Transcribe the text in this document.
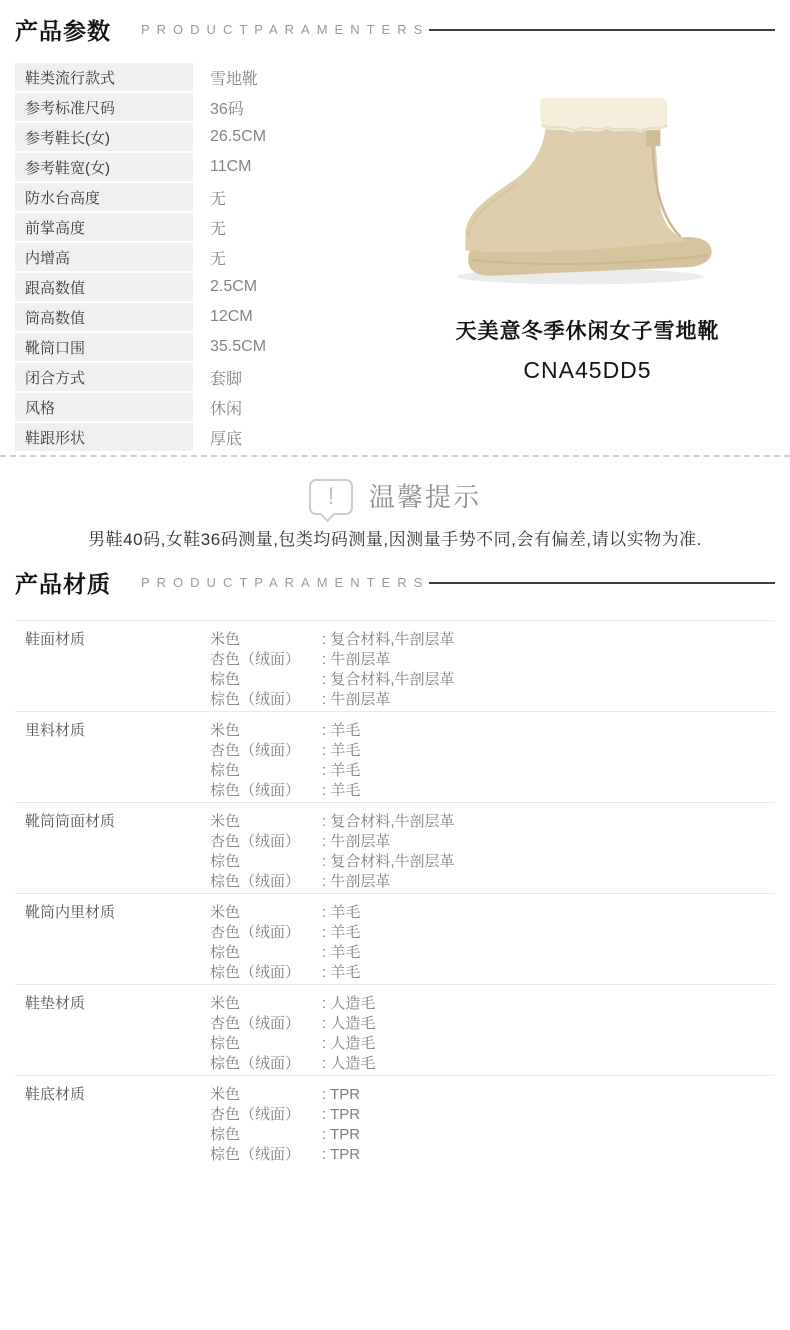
产品参数 PRODUCTPARAMENTERS
鞋类流行款式	雪地靴
参考标准尺码	36码
参考鞋长(女)	26.5CM
参考鞋宽(女)	11CM
防水台高度	无
前掌高度	无
内增高	无
跟高数值	2.5CM
筒高数值	12CM
靴筒口围	35.5CM
闭合方式	套脚
风格	休闲
鞋跟形状	厚底
天美意冬季休闲女子雪地靴
CNA45DD5
!	温馨提示
男鞋40码,女鞋36码测量,包类均码测量,因测量手势不同,会有偏差,请以实物为准.
产品材质 PRODUCTPARAMENTERS
鞋面材质	米色	: 复合材料,牛剖层革
杏色（绒面）	: 牛剖层革
棕色	: 复合材料,牛剖层革
棕色（绒面）	: 牛剖层革
里料材质	米色	: 羊毛
杏色（绒面）	: 羊毛
棕色	: 羊毛
棕色（绒面）	: 羊毛
靴筒筒面材质	米色	: 复合材料,牛剖层革
杏色（绒面）	: 牛剖层革
棕色	: 复合材料,牛剖层革
棕色（绒面）	: 牛剖层革
靴筒内里材质	米色	: 羊毛
杏色（绒面）	: 羊毛
棕色	: 羊毛
棕色（绒面）	: 羊毛
鞋垫材质	米色	: 人造毛
杏色（绒面）	: 人造毛
棕色	: 人造毛
棕色（绒面）	: 人造毛
鞋底材质	米色	: TPR
杏色（绒面）	: TPR
棕色	: TPR
棕色（绒面）	: TPR
